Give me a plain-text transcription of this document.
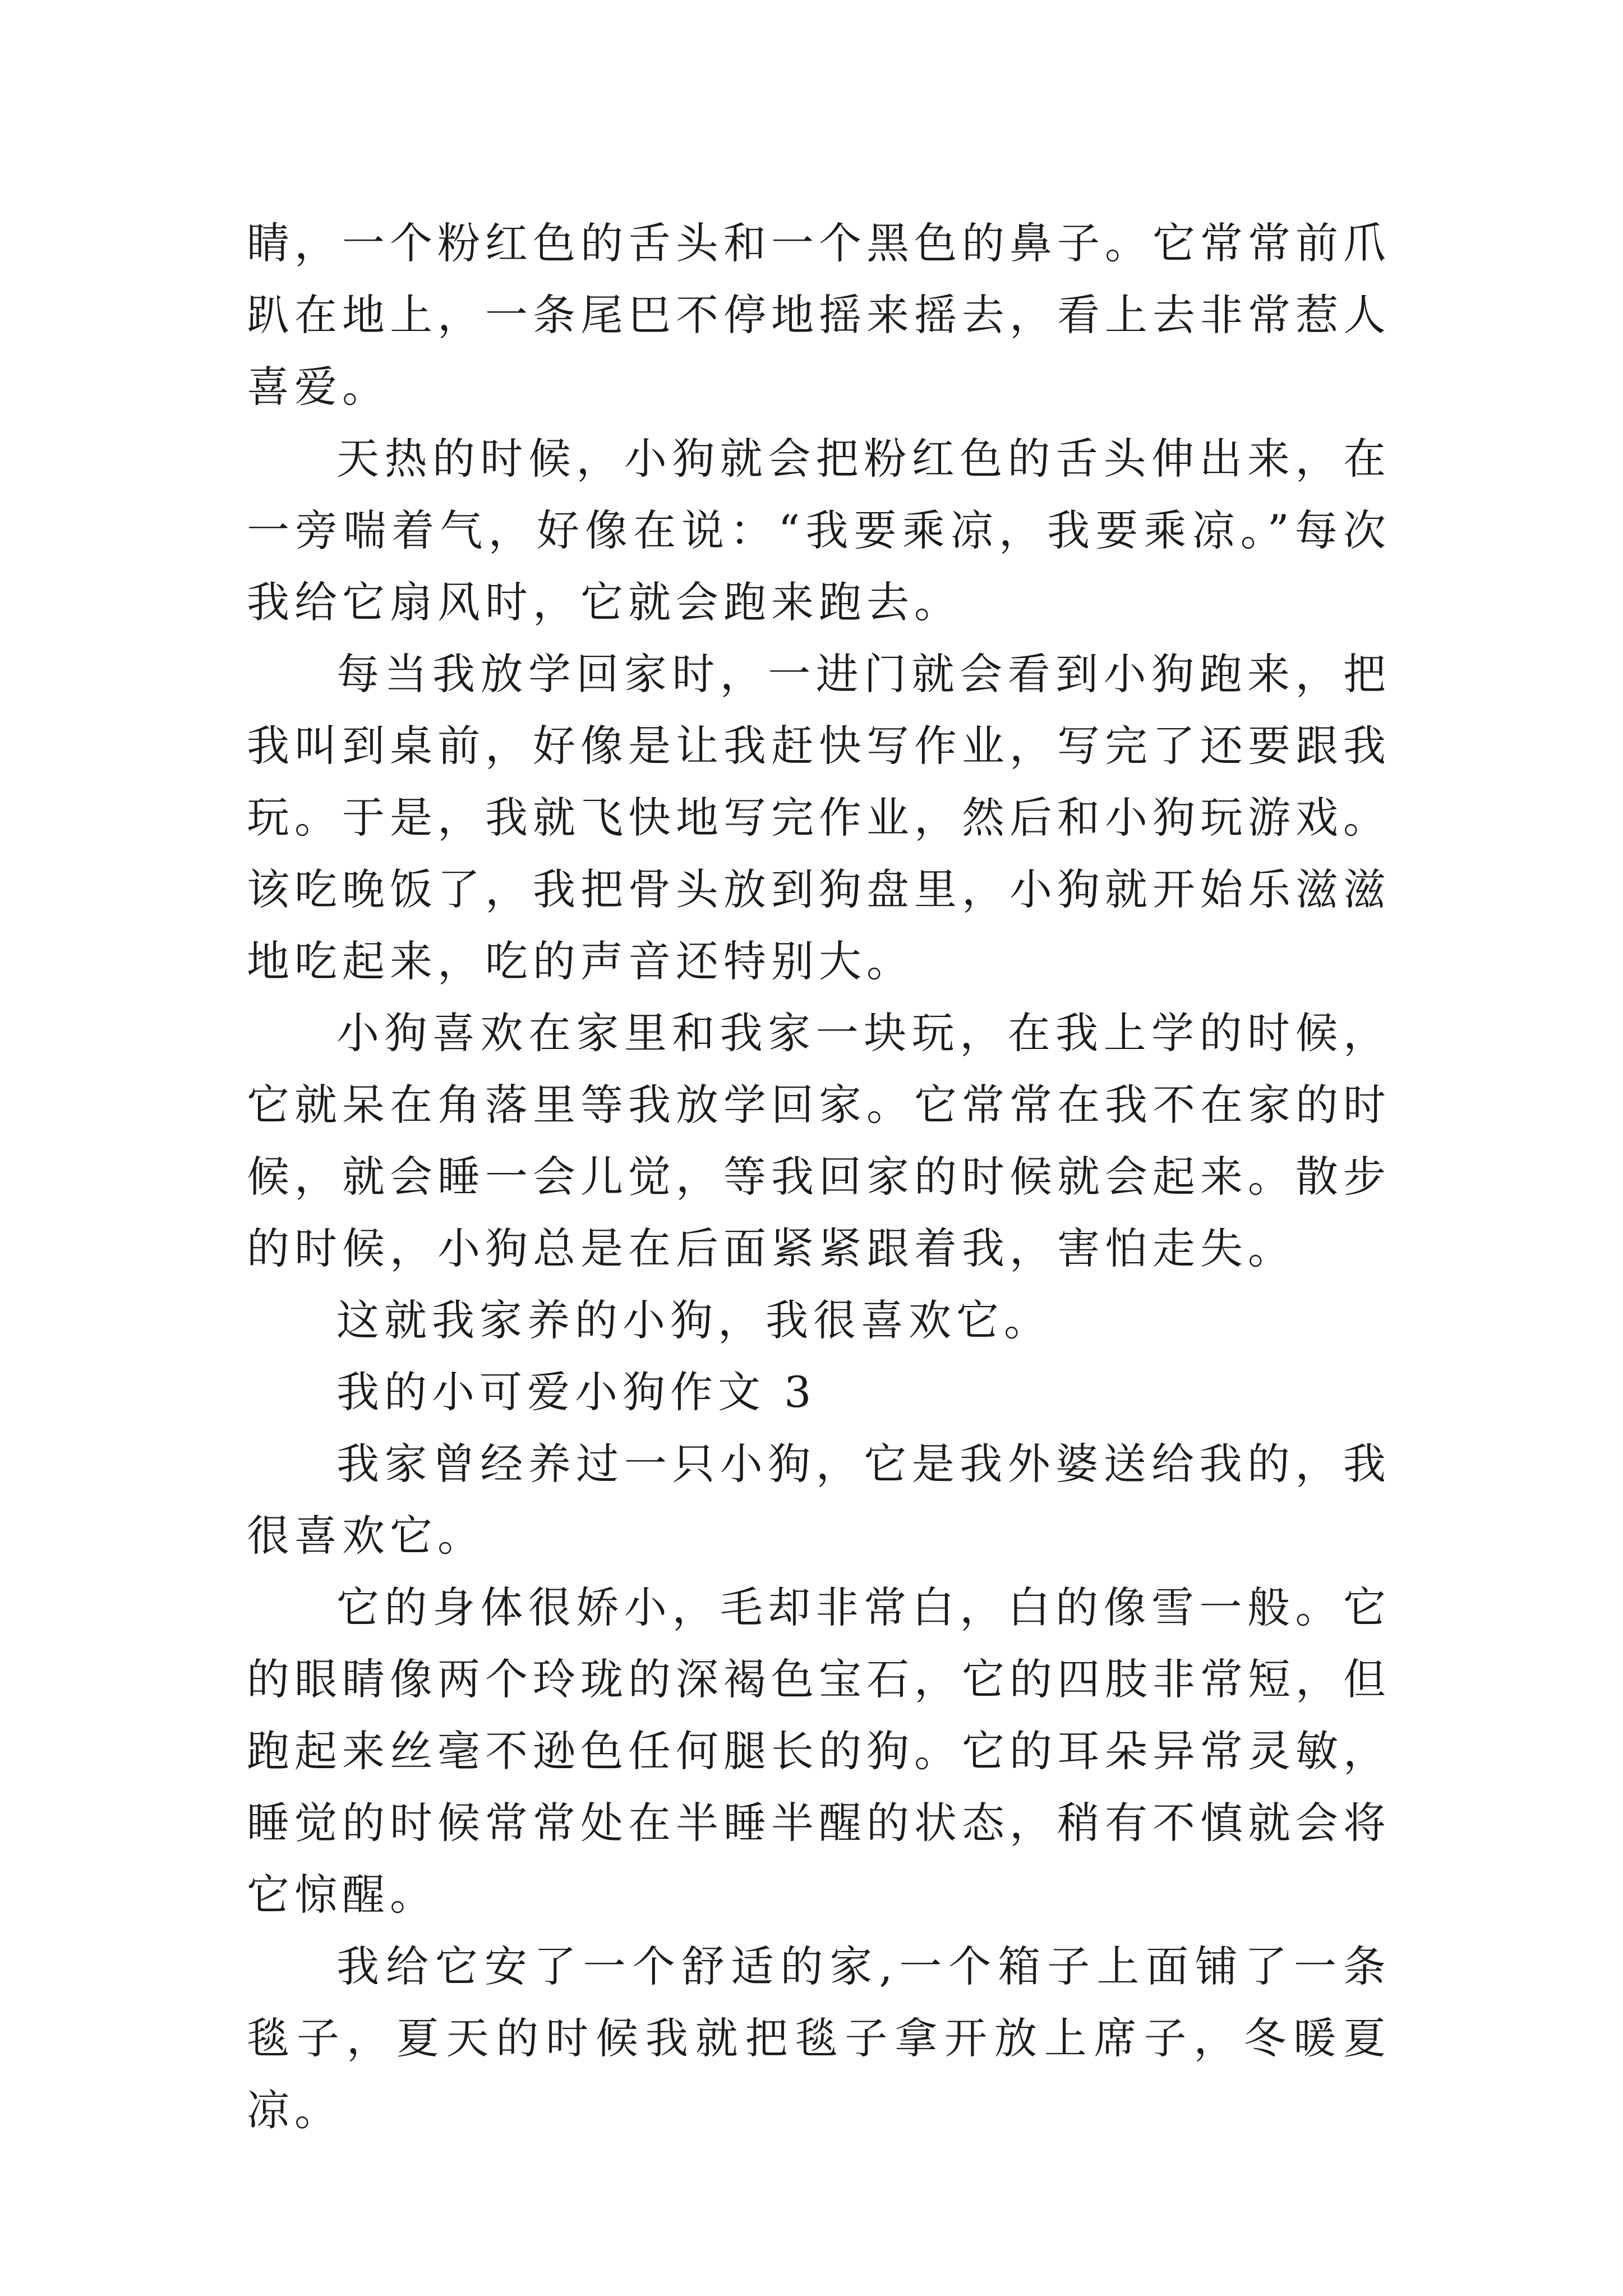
睛，一个粉红色的舌头和一个黑色的鼻子。它常常前爪趴在地上，一条尾巴不停地摇来摇去，看上去非常惹人喜爱。

天热的时候，小狗就会把粉红色的舌头伸出来，在一旁喘着气，好像在说：“我要乘凉，我要乘凉。”每次我给它扇风时，它就会跑来跑去。

每当我放学回家时，一进门就会看到小狗跑来，把我叫到桌前，好像是让我赶快写作业，写完了还要跟我玩。于是，我就飞快地写完作业，然后和小狗玩游戏。该吃晚饭了，我把骨头放到狗盘里，小狗就开始乐滋滋地吃起来，吃的声音还特别大。

小狗喜欢在家里和我家一块玩，在我上学的时候，它就呆在角落里等我放学回家。它常常在我不在家的时候，就会睡一会儿觉，等我回家的时候就会起来。散步的时候，小狗总是在后面紧紧跟着我，害怕走失。

这就我家养的小狗，我很喜欢它。

我的小可爱小狗作文 3

我家曾经养过一只小狗，它是我外婆送给我的，我很喜欢它。

它的身体很娇小，毛却非常白，白的像雪一般。它的眼睛像两个玲珑的深褐色宝石，它的四肢非常短，但跑起来丝毫不逊色任何腿长的狗。它的耳朵异常灵敏，睡觉的时候常常处在半睡半醒的状态，稍有不慎就会将它惊醒。

我给它安了一个舒适的家,一个箱子上面铺了一条毯子，夏天的时候我就把毯子拿开放上席子，冬暖夏凉。
